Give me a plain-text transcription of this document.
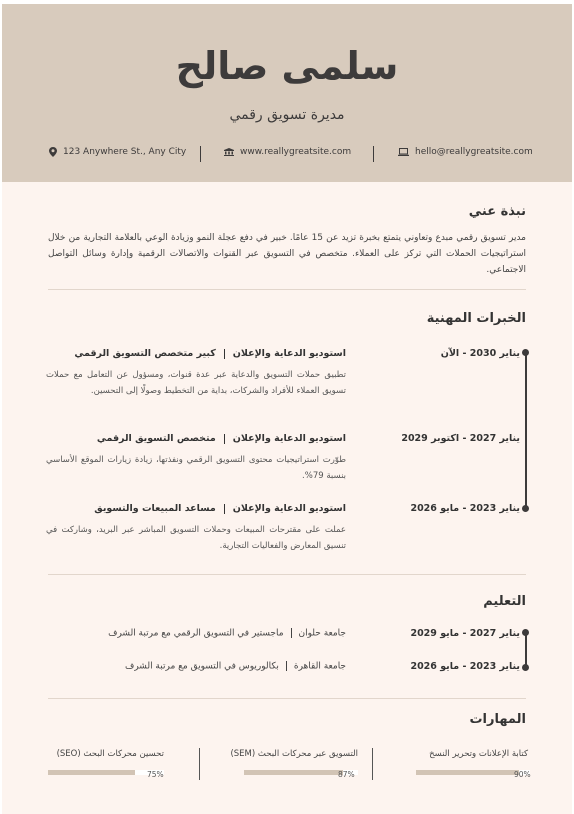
سلمى صالح
مديرة تسويق رقمي
123 Anywhere St., Any City	www.reallygreatsite.com	hello@reallygreatsite.com
نبذة عني
مدير تسويق رقمي مبدع وتعاوني يتمتع بخبرة تزيد عن 15 عامًا. خبير في دفع عجلة النمو وزيادة الوعي بالعلامة التجارية من خلال استراتيجيات الحملات التي تركز على العملاء. متخصص في التسويق عبر القنوات والاتصالات الرقمية وإدارة وسائل التواصل الاجتماعي.
الخبرات المهنية
يناير 2030 - الآن
استوديو الدعاية والإعلانكبير متخصص التسويق الرقمي
تطبيق حملات التسويق والدعاية عبر عدة قنوات، ومسؤول عن التعامل مع حملات تسويق العملاء للأفراد والشركات، بداية من التخطيط وصولًا إلى التحسين.
يناير 2027 - اكتوبر 2029
استوديو الدعاية والإعلانمتخصص التسويق الرقمي
طوّرت استراتيجيات محتوى التسويق الرقمي ونفذتها، زيادة زيارات الموقع الأساسي بنسبة 79%.
يناير 2023 - مايو 2026
استوديو الدعاية والإعلانمساعد المبيعات والتسويق
عملت على مقترحات المبيعات وحملات التسويق المباشر عبر البريد، وشاركت في تنسيق المعارض والفعاليات التجارية.
التعليم
يناير 2027 - مايو 2029
جامعة حلوانماجستير في التسويق الرقمي مع مرتبة الشرف
يناير 2023 - مايو 2026
جامعة القاهرةبكالوريوس في التسويق مع مرتبة الشرف
المهارات
كتابة الإعلانات وتحرير النسخ
90%
التسويق عبر محركات البحث (SEM)
87%
تحسين محركات البحث (SEO)
75%
